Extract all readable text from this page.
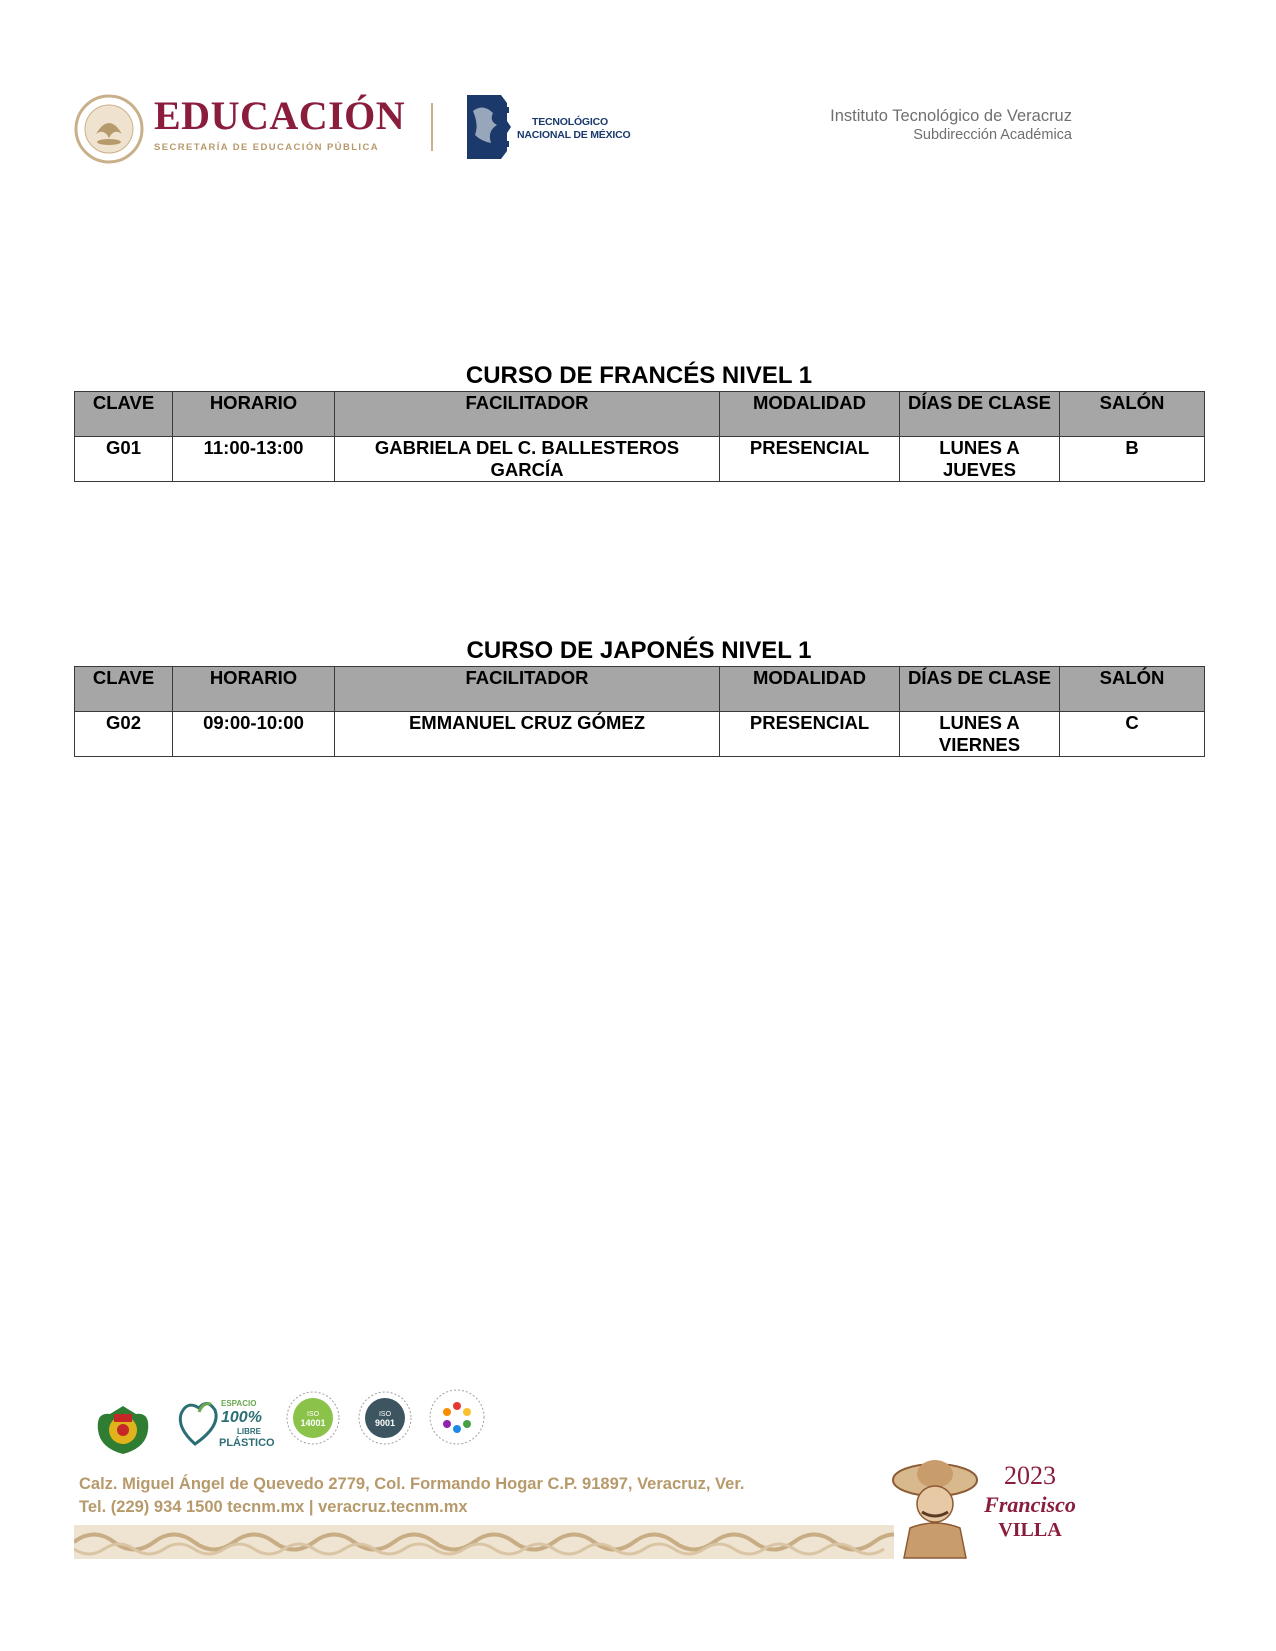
EDUCACIÓN
SECRETARÍA DE EDUCACIÓN PÚBLICA
TECNOLÓGICO
NACIONAL DE MÉXICO
Instituto Tecnológico de Veracruz
Subdirección Académica
CURSO DE FRANCÉS NIVEL 1
CLAVE	HORARIO	FACILITADOR	MODALIDAD	DÍAS DE CLASE	SALÓN
G01	11:00-13:00	GABRIELA DEL C. BALLESTEROS GARCÍA	PRESENCIAL	LUNES A JUEVES	B
CURSO DE JAPONÉS NIVEL 1
CLAVE	HORARIO	FACILITADOR	MODALIDAD	DÍAS DE CLASE	SALÓN
G02	09:00-10:00	EMMANUEL CRUZ GÓMEZ	PRESENCIAL	LUNES A VIERNES	C
ESPACIO
100%
LIBRE
PLÁSTICO
ISO
14001
ISO
9001
Calz. Miguel Ángel de Quevedo 2779, Col. Formando Hogar C.P. 91897, Veracruz, Ver.
Tel. (229) 934 1500 tecnm.mx | veracruz.tecnm.mx
2023
Francisco
VILLA
